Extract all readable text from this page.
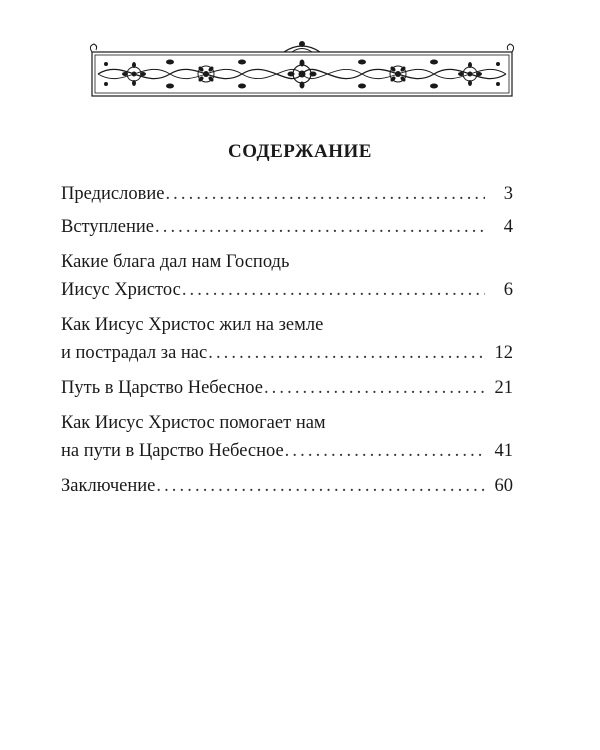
СОДЕРЖАНИЕ
Предисловие .....	3
Вступление .....	4
Какие блага дал нам Господь
Иисус Христос .....	6
Как Иисус Христос жил на земле
и пострадал за нас .....	12
Путь в Царство Небесное .....	21
Как Иисус Христос помогает нам
на пути в Царство Небесное .....	41
Заключение .....	60
